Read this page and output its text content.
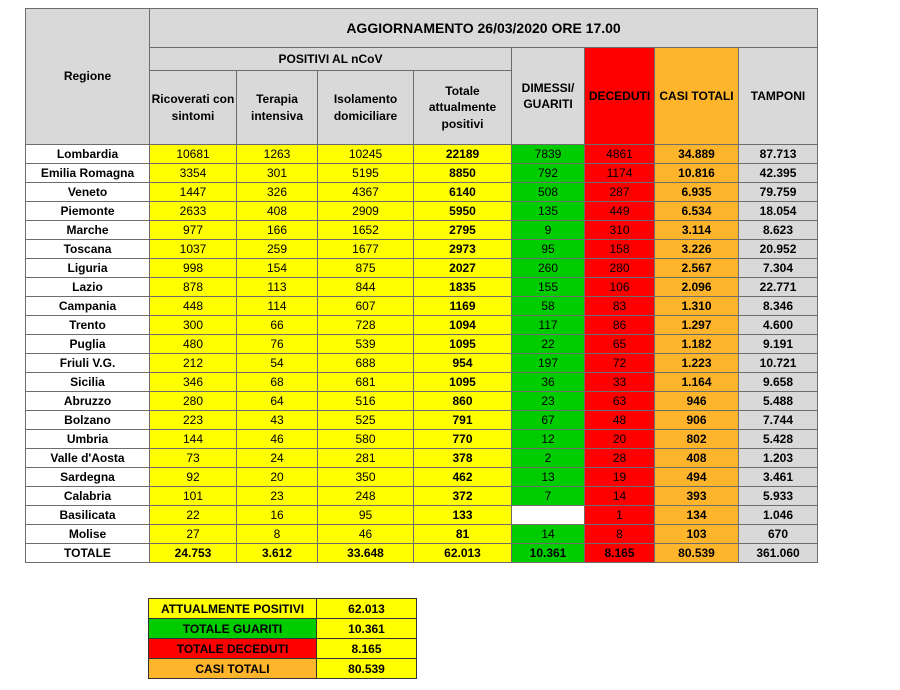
Regione	AGGIORNAMENTO 26/03/2020 ORE 17.00							
	POSITIVI AL nCoV				DIMESSI/ GUARITI	DECEDUTI	CASI TOTALI	TAMPONI
	Ricoverati con sintomi	Terapia intensiva	Isolamento domiciliare	Totale attualmente positivi				
Lombardia	10681	1263	10245	22189	7839	4861	34.889	87.713
Emilia Romagna	3354	301	5195	8850	792	1174	10.816	42.395
Veneto	1447	326	4367	6140	508	287	6.935	79.759
Piemonte	2633	408	2909	5950	135	449	6.534	18.054
Marche	977	166	1652	2795	9	310	3.114	8.623
Toscana	1037	259	1677	2973	95	158	3.226	20.952
Liguria	998	154	875	2027	260	280	2.567	7.304
Lazio	878	113	844	1835	155	106	2.096	22.771
Campania	448	114	607	1169	58	83	1.310	8.346
Trento	300	66	728	1094	117	86	1.297	4.600
Puglia	480	76	539	1095	22	65	1.182	9.191
Friuli V.G.	212	54	688	954	197	72	1.223	10.721
Sicilia	346	68	681	1095	36	33	1.164	9.658
Abruzzo	280	64	516	860	23	63	946	5.488
Bolzano	223	43	525	791	67	48	906	7.744
Umbria	144	46	580	770	12	20	802	5.428
Valle d'Aosta	73	24	281	378	2	28	408	1.203
Sardegna	92	20	350	462	13	19	494	3.461
Calabria	101	23	248	372	7	14	393	5.933
Basilicata	22	16	95	133		1	134	1.046
Molise	27	8	46	81	14	8	103	670
TOTALE	24.753	3.612	33.648	62.013	10.361	8.165	80.539	361.060
ATTUALMENTE POSITIVI	62.013
TOTALE GUARITI	10.361
TOTALE DECEDUTI	8.165
CASI TOTALI	80.539
